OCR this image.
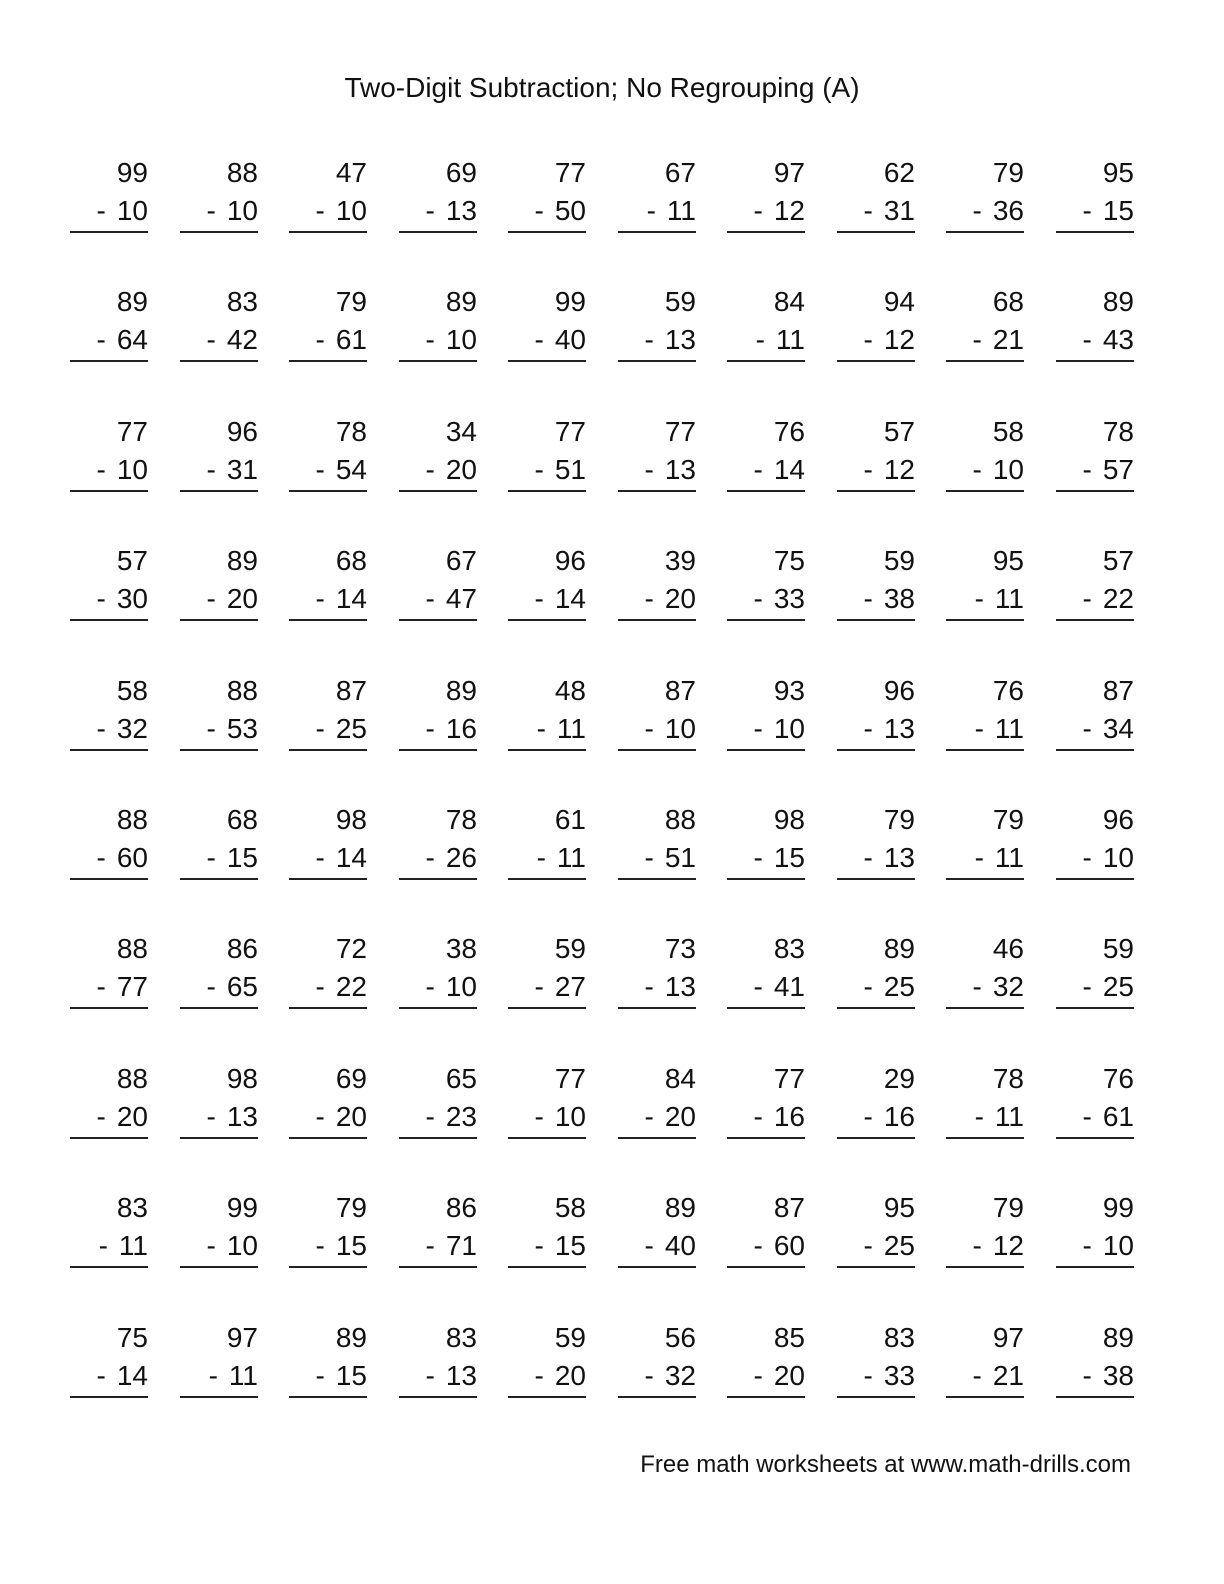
Two-Digit Subtraction; No Regrouping (A)
99
- 10
88
- 10
47
- 10
69
- 13
77
- 50
67
- 11
97
- 12
62
- 31
79
- 36
95
- 15
89
- 64
83
- 42
79
- 61
89
- 10
99
- 40
59
- 13
84
- 11
94
- 12
68
- 21
89
- 43
77
- 10
96
- 31
78
- 54
34
- 20
77
- 51
77
- 13
76
- 14
57
- 12
58
- 10
78
- 57
57
- 30
89
- 20
68
- 14
67
- 47
96
- 14
39
- 20
75
- 33
59
- 38
95
- 11
57
- 22
58
- 32
88
- 53
87
- 25
89
- 16
48
- 11
87
- 10
93
- 10
96
- 13
76
- 11
87
- 34
88
- 60
68
- 15
98
- 14
78
- 26
61
- 11
88
- 51
98
- 15
79
- 13
79
- 11
96
- 10
88
- 77
86
- 65
72
- 22
38
- 10
59
- 27
73
- 13
83
- 41
89
- 25
46
- 32
59
- 25
88
- 20
98
- 13
69
- 20
65
- 23
77
- 10
84
- 20
77
- 16
29
- 16
78
- 11
76
- 61
83
- 11
99
- 10
79
- 15
86
- 71
58
- 15
89
- 40
87
- 60
95
- 25
79
- 12
99
- 10
75
- 14
97
- 11
89
- 15
83
- 13
59
- 20
56
- 32
85
- 20
83
- 33
97
- 21
89
- 38
Free math worksheets at www.math-drills.com
